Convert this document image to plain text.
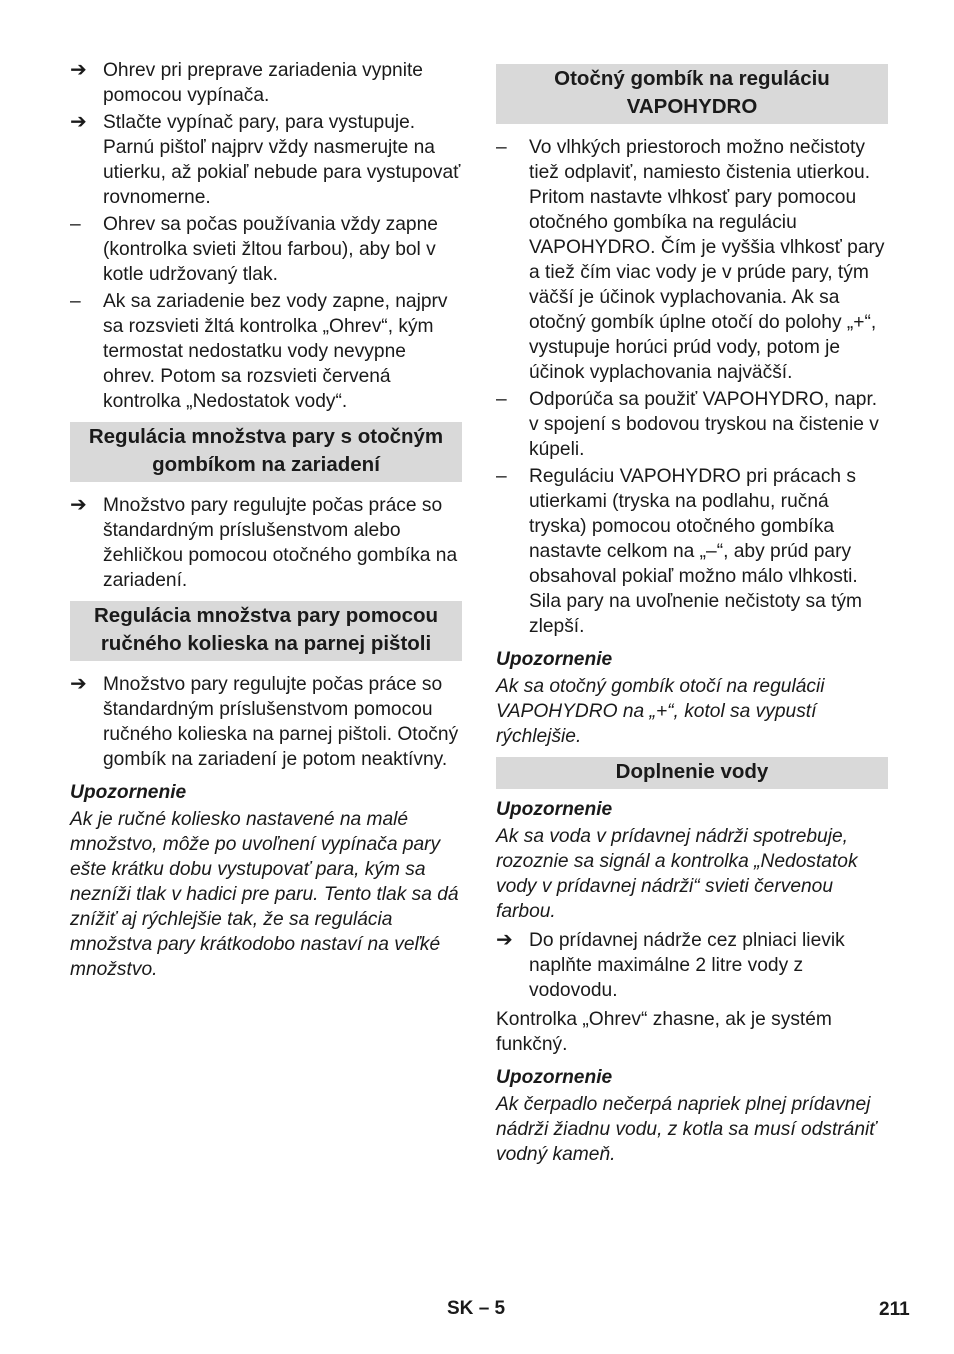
➔ Ohrev pri preprave zariadenia vypnite pomocou vypínača.
➔ Stlačte vypínač pary, para vystupuje. Parnú pištoľ najprv vždy nasmerujte na utierku, až pokiaľ nebude para vystupovať rovnomerne.
–	Ohrev sa počas používania vždy zapne (kontrolka svieti žltou farbou), aby bol v kotle udržovaný tlak.
–	Ak sa zariadenie bez vody zapne, najprv sa rozsvieti žltá kontrolka „Ohrev“, kým termostat nedostatku vody nevypne ohrev. Potom sa rozsvieti červená kontrolka „Nedostatok vody“.
Regulácia množstva pary s otočným gombíkom na zariadení
➔ Množstvo pary regulujte počas práce so štandardným príslušenstvom alebo žehličkou pomocou otočného gombíka na zariadení.
Regulácia množstva pary pomocou ručného kolieska na parnej pištoli
➔ Množstvo pary regulujte počas práce so štandardným príslušenstvom pomocou ručného kolieska na parnej pištoli. Otočný gombík na zariadení je potom neaktívny.
Upozornenie
Ak je ručné koliesko nastavené na malé množstvo, môže po uvoľnení vypínača pary ešte krátku dobu vystupovať para, kým sa nezníži tlak v hadici pre paru. Tento tlak sa dá znížiť aj rýchlejšie tak, že sa regulácia množstva pary krátkodobo nastaví na veľké množstvo.
Otočný gombík na reguláciu VAPOHYDRO
–	Vo vlhkých priestoroch možno nečistoty tiež odplaviť, namiesto čistenia utierkou. Pritom nastavte vlhkosť pary pomocou otočného gombíka na reguláciu VAPOHYDRO. Čím je vyššia vlhkosť pary a tiež čím viac vody je v prúde pary, tým väčší je účinok vyplachovania. Ak sa otočný gombík úplne otočí do polohy „+“, vystupuje horúci prúd vody, potom je účinok vyplachovania najväčší.
–	Odporúča sa použiť VAPOHYDRO, napr. v spojení s bodovou tryskou na čistenie v kúpeli.
–	Reguláciu VAPOHYDRO pri prácach s utierkami (tryska na podlahu, ručná tryska) pomocou otočného gombíka nastavte celkom na „–“, aby prúd pary obsahoval pokiaľ možno málo vlhkosti. Sila pary na uvoľnenie nečistoty sa tým zlepší.
Upozornenie
Ak sa otočný gombík otočí na regulácii VAPOHYDRO na „+“, kotol sa vypustí rýchlejšie.
Doplnenie vody
Upozornenie
Ak sa voda v prídavnej nádrži spotrebuje, rozoznie sa signál a kontrolka „Nedostatok vody v prídavnej nádrži“ svieti červenou farbou.
➔ Do prídavnej nádrže cez plniaci lievik naplňte maximálne 2 litre vody z vodovodu.
Kontrolka „Ohrev“ zhasne, ak je systém funkčný.
Upozornenie
Ak čerpadlo nečerpá napriek plnej prídavnej nádrži žiadnu vodu, z kotla sa musí odstrániť vodný kameň.
SK – 5	211
